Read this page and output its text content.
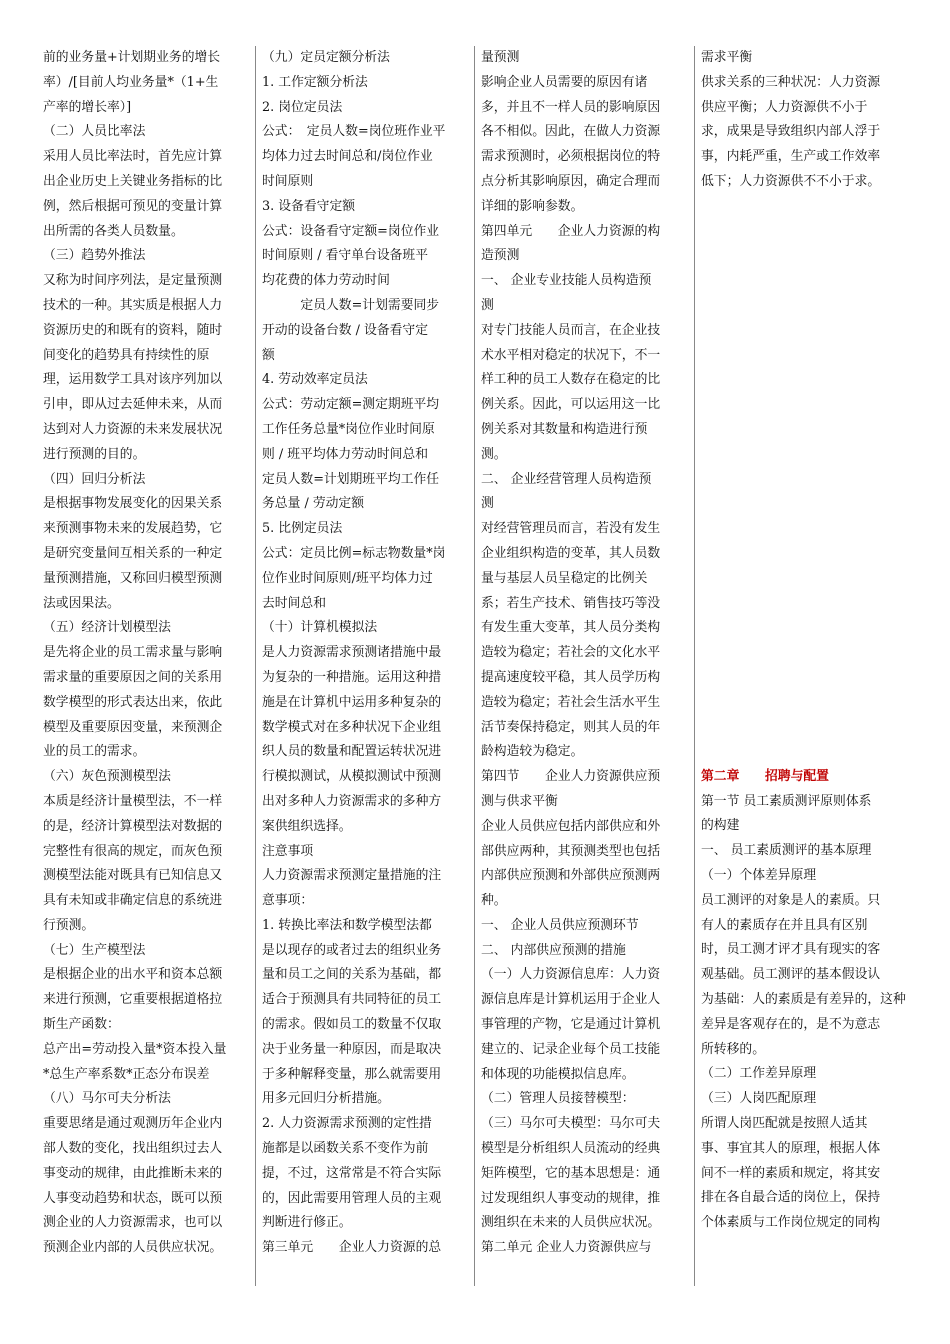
前的业务量+计划期业务的增长

率）/[目前人均业务量*（1+生

产率的增长率）]

（二）人员比率法

采用人员比率法时，首先应计算

出企业历史上关键业务指标的比

例，然后根据可预见的变量计算

出所需的各类人员数量。

（三）趋势外推法

又称为时间序列法，是定量预测

技术的一种。其实质是根据人力

资源历史的和既有的资料，随时

间变化的趋势具有持续性的原

理，运用数学工具对该序列加以

引申，即从过去延伸未来，从而

达到对人力资源的未来发展状况

进行预测的目的。

（四）回归分析法

是根据事物发展变化的因果关系

来预测事物未来的发展趋势，它

是研究变量间互相关系的一种定

量预测措施，又称回归模型预测

法或因果法。

（五）经济计划模型法

是先将企业的员工需求量与影响

需求量的重要原因之间的关系用

数学模型的形式表达出来，依此

模型及重要原因变量，来预测企

业的员工的需求。

（六）灰色预测模型法

本质是经济计量模型法，不一样

的是，经济计算模型法对数据的

完整性有很高的规定，而灰色预

测模型法能对既具有已知信息又

具有未知或非确定信息的系统进

行预测。

（七）生产模型法

是根据企业的出水平和资本总额

来进行预测，它重要根据道格拉

斯生产函数：

总产出=劳动投入量*资本投入量

*总生产率系数*正态分布误差

（八）马尔可夫分析法

重要思绪是通过观测历年企业内

部人数的变化，找出组织过去人

事变动的规律，由此推断未来的

人事变动趋势和状态，既可以预

测企业的人力资源需求，也可以

预测企业内部的人员供应状况。

（九）定员定额分析法

1. 工作定额分析法

2. 岗位定员法

公式：　定员人数=岗位班作业平

均体力过去时间总和/岗位作业

时间原则

3. 设备看守定额

公式：设备看守定额=岗位作业

时间原则 / 看守单台设备班平

均花费的体力劳动时间

　　　定员人数=计划需要同步

开动的设备台数 / 设备看守定

额

4. 劳动效率定员法

公式：劳动定额=测定期班平均

工作任务总量*岗位作业时间原

则 / 班平均体力劳动时间总和

定员人数=计划期班平均工作任

务总量 / 劳动定额

5. 比例定员法

公式：定员比例=标志物数量*岗

位作业时间原则/班平均体力过

去时间总和

（十）计算机模拟法

是人力资源需求预测诸措施中最

为复杂的一种措施。运用这种措

施是在计算机中运用多种复杂的

数学模式对在多种状况下企业组

织人员的数量和配置运转状况进

行模拟测试，从模拟测试中预测

出对多种人力资源需求的多种方

案供组织选择。

注意事项

人力资源需求预测定量措施的注

意事项：

1. 转换比率法和数学模型法都

是以现存的或者过去的组织业务

量和员工之间的关系为基础，都

适合于预测具有共同特征的员工

的需求。假如员工的数量不仅取

决于业务量一种原因，而是取决

于多种解释变量，那么就需要用

用多元回归分析措施。

2. 人力资源需求预测的定性措

施都是以函数关系不变作为前

提，不过，这常常是不符合实际

的，因此需要用管理人员的主观

判断进行修正。

第三单元　　企业人力资源的总

量预测

影响企业人员需要的原因有诸

多，并且不一样人员的影响原因

各不相似。因此，在做人力资源

需求预测时，必须根据岗位的特

点分析其影响原因，确定合理而

详细的影响参数。

第四单元　　企业人力资源的构

造预测

一、 企业专业技能人员构造预

测

对专门技能人员而言，在企业技

术水平相对稳定的状况下，不一

样工种的员工人数存在稳定的比

例关系。因此，可以运用这一比

例关系对其数量和构造进行预

测。

二、 企业经营管理人员构造预

测

对经营管理员而言，若没有发生

企业组织构造的变革，其人员数

量与基层人员呈稳定的比例关

系；若生产技术、销售技巧等没

有发生重大变革，其人员分类构

造较为稳定；若社会的文化水平

提高速度较平稳，其人员学历构

造较为稳定；若社会生活水平生

活节奏保持稳定，则其人员的年

龄构造较为稳定。

第四节　　企业人力资源供应预

测与供求平衡

企业人员供应包括内部供应和外

部供应两种，其预测类型也包括

内部供应预测和外部供应预测两

种。

一、 企业人员供应预测环节

二、 内部供应预测的措施

（一）人力资源信息库：人力资

源信息库是计算机运用于企业人

事管理的产物，它是通过计算机

建立的、记录企业每个员工技能

和体现的功能模拟信息库。

（二）管理人员接替模型：

（三）马尔可夫模型：马尔可夫

模型是分析组织人员流动的经典

矩阵模型，它的基本思想是：通

过发现组织人事变动的规律，推

测组织在未来的人员供应状况。

第二单元 企业人力资源供应与

需求平衡

供求关系的三种状况：人力资源

供应平衡；人力资源供不小于

求，成果是导致组织内部人浮于

事，内耗严重，生产或工作效率

低下；人力资源供不不小于求。

第二章　　招聘与配置

第一节 员工素质测评原则体系

的构建

一、 员工素质测评的基本原理

（一）个体差异原理

员工测评的对象是人的素质。只

有人的素质存在并且具有区别

时，员工测才评才具有现实的客

观基础。员工测评的基本假设认

为基础：人的素质是有差异的，这种

差异是客观存在的，是不为意志

所转移的。

（二）工作差异原理

（三）人岗匹配原理

所谓人岗匹配就是按照人适其

事、事宜其人的原理，根据人体

间不一样的素质和规定，将其安

排在各自最合适的岗位上，保持

个体素质与工作岗位规定的同构
